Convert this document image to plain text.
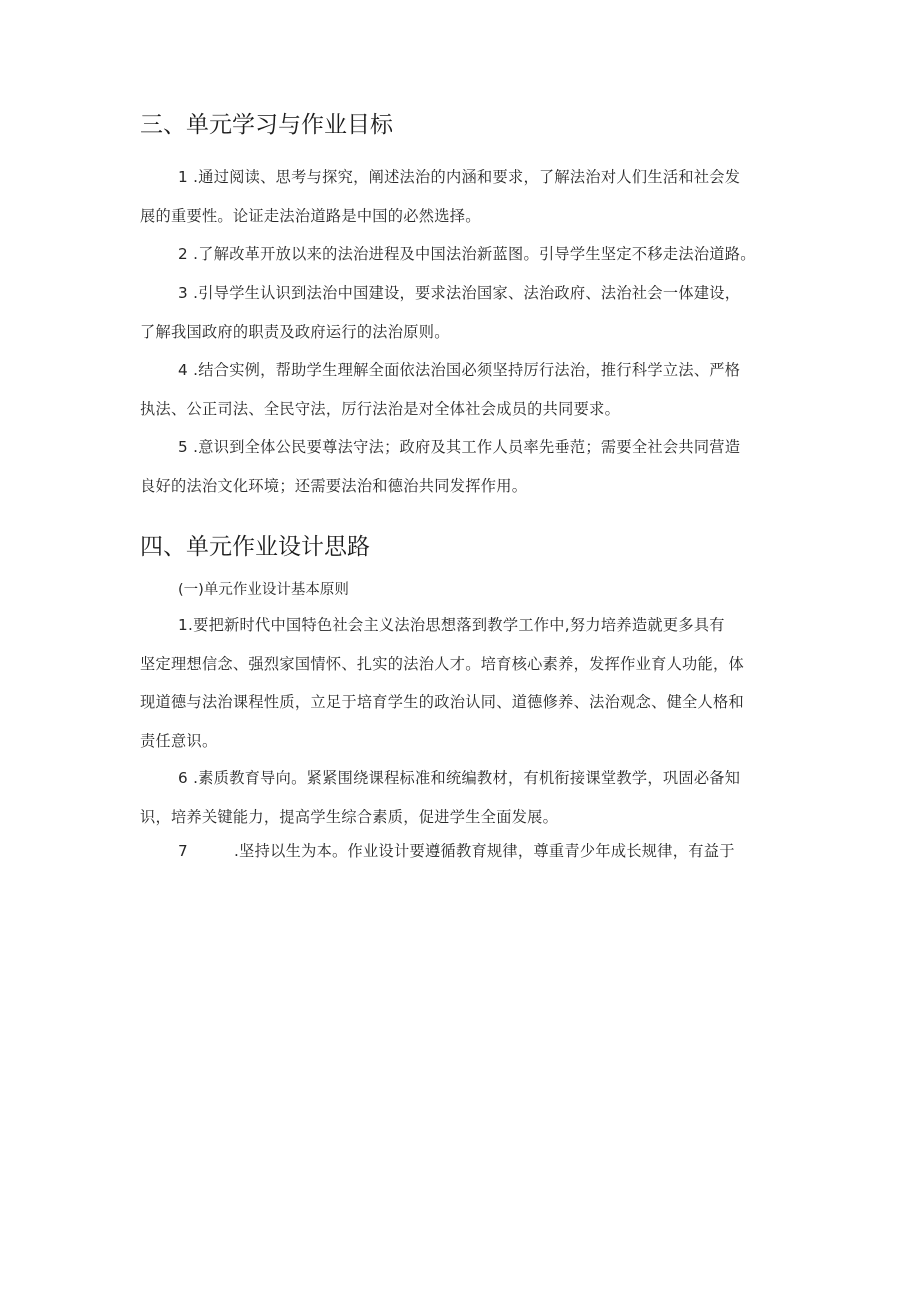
三、单元学习与作业目标

1 .通过阅读、思考与探究，阐述法治的内涵和要求，了解法治对人们生活和社会发
展的重要性。论证走法治道路是中国的必然选择。

2 .了解改革开放以来的法治进程及中国法治新蓝图。引导学生坚定不移走法治道路。

3 .引导学生认识到法治中国建设，要求法治国家、法治政府、法治社会一体建设，
了解我国政府的职责及政府运行的法治原则。

4 .结合实例，帮助学生理解全面依法治国必须坚持厉行法治，推行科学立法、严格
执法、公正司法、全民守法，厉行法治是对全体社会成员的共同要求。

5 .意识到全体公民要尊法守法；政府及其工作人员率先垂范；需要全社会共同营造
良好的法治文化环境；还需要法治和德治共同发挥作用。

四、单元作业设计思路

(一)单元作业设计基本原则

1.要把新时代中国特色社会主义法治思想落到教学工作中,努力培养造就更多具有
坚定理想信念、强烈家国情怀、扎实的法治人才。培育核心素养，发挥作业育人功能，体
现道德与法治课程性质，立足于培育学生的政治认同、道德修养、法治观念、健全人格和
责任意识。

6 .素质教育导向。紧紧围绕课程标准和统编教材，有机衔接课堂教学，巩固必备知
识，培养关键能力，提高学生综合素质，促进学生全面发展。

7	.坚持以生为本。作业设计要遵循教育规律，尊重青少年成长规律，有益于
